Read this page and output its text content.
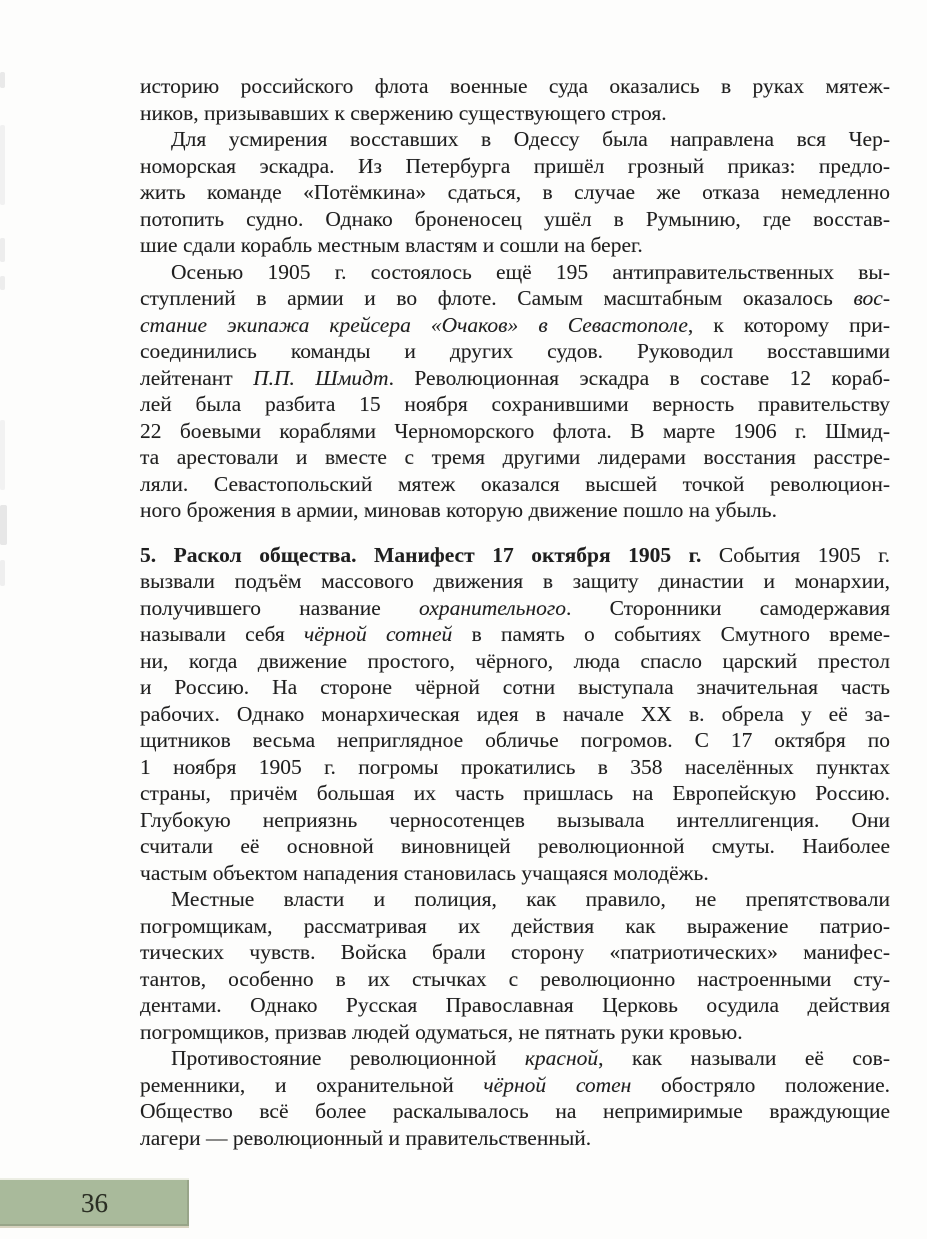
историю российского флота военные суда оказались в руках мятеж-
ников, призывавших к свержению существующего строя.
Для усмирения восставших в Одессу была направлена вся Чер-
номорская эскадра. Из Петербурга пришёл грозный приказ: предло-
жить команде «Потёмкина» сдаться, в случае же отказа немедленно
потопить судно. Однако броненосец ушёл в Румынию, где восстав-
шие сдали корабль местным властям и сошли на берег.
Осенью 1905 г. состоялось ещё 195 антиправительственных вы-
ступлений в армии и во флоте. Самым масштабным оказалось вос-
стание экипажа крейсера «Очаков» в Севастополе, к которому при-
соединились команды и других судов. Руководил восставшими
лейтенант П.П. Шмидт. Революционная эскадра в составе 12 кораб-
лей была разбита 15 ноября сохранившими верность правительству
22 боевыми кораблями Черноморского флота. В марте 1906 г. Шмид-
та арестовали и вместе с тремя другими лидерами восстания расстре-
ляли. Севастопольский мятеж оказался высшей точкой революцион-
ного брожения в армии, миновав которую движение пошло на убыль.
5. Раскол общества. Манифест 17 октября 1905 г. События 1905 г.
вызвали подъём массового движения в защиту династии и монархии,
получившего название охранительного. Сторонники самодержавия
называли себя чёрной сотней в память о событиях Смутного време-
ни, когда движение простого, чёрного, люда спасло царский престол
и Россию. На стороне чёрной сотни выступала значительная часть
рабочих. Однако монархическая идея в начале XX в. обрела у её за-
щитников весьма неприглядное обличье погромов. С 17 октября по
1 ноября 1905 г. погромы прокатились в 358 населённых пунктах
страны, причём большая их часть пришлась на Европейскую Россию.
Глубокую неприязнь черносотенцев вызывала интеллигенция. Они
считали её основной виновницей революционной смуты. Наиболее
частым объектом нападения становилась учащаяся молодёжь.
Местные власти и полиция, как правило, не препятствовали
погромщикам, рассматривая их действия как выражение патрио-
тических чувств. Войска брали сторону «патриотических» манифес-
тантов, особенно в их стычках с революционно настроенными сту-
дентами. Однако Русская Православная Церковь осудила действия
погромщиков, призвав людей одуматься, не пятнать руки кровью.
Противостояние революционной красной, как называли её сов-
ременники, и охранительной чёрной сотен обостряло положение.
Общество всё более раскалывалось на непримиримые враждующие
лагери — революционный и правительственный.
36
